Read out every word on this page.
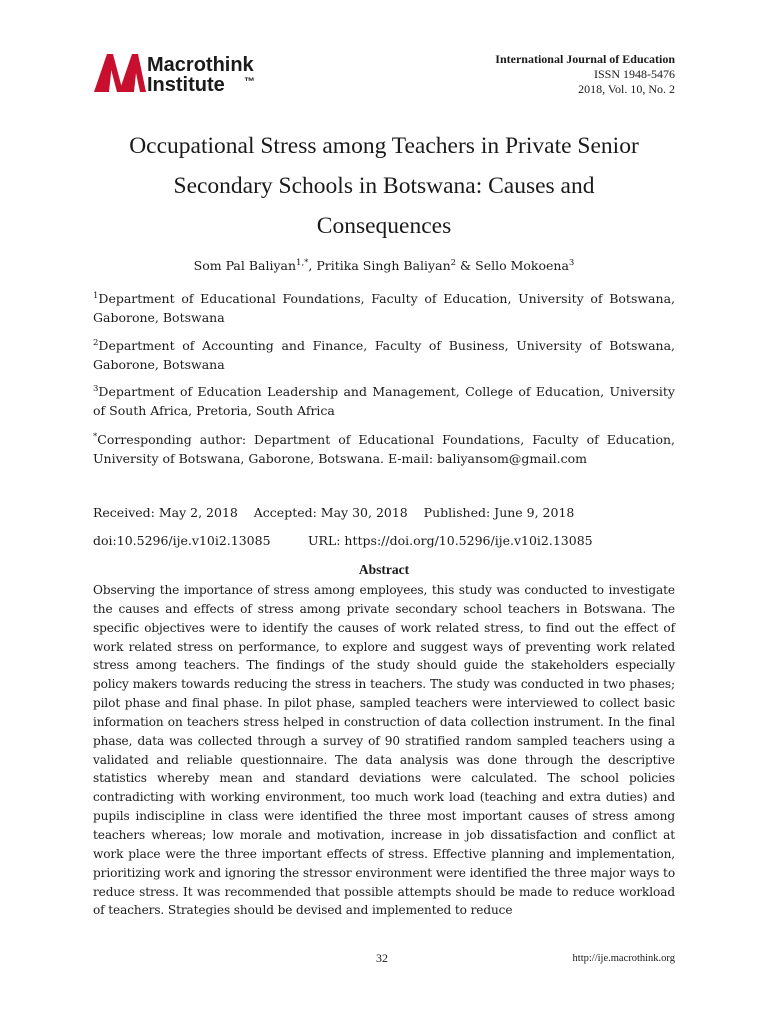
Macrothink
Institute ™
International Journal of Education
ISSN 1948-5476
2018, Vol. 10, No. 2
Occupational Stress among Teachers in Private Senior
Secondary Schools in Botswana: Causes and
Consequences
Som Pal Baliyan$^{1,*}$, Pritika Singh Baliyan$^2$ & Sello Mokoena$^3$
$^1$Department of Educational Foundations, Faculty of Education, University of Botswana, Gaborone, Botswana
$^2$Department of Accounting and Finance, Faculty of Business, University of Botswana, Gaborone, Botswana
$^3$Department of Education Leadership and Management, College of Education, University of South Africa, Pretoria, South Africa
*Corresponding author: Department of Educational Foundations, Faculty of Education, University of Botswana, Gaborone, Botswana. E-mail: baliyansom@gmail.com
Received: May 2, 2018 Accepted: May 30, 2018 Published: June 9, 2018
doi:10.5296/ije.v10i2.13085	URL: https://doi.org/10.5296/ije.v10i2.13085
Abstract
Observing the importance of stress among employees, this study was conducted to investigate the causes and effects of stress among private secondary school teachers in Botswana. The specific objectives were to identify the causes of work related stress, to find out the effect of work related stress on performance, to explore and suggest ways of preventing work related stress among teachers. The findings of the study should guide the stakeholders especially policy makers towards reducing the stress in teachers. The study was conducted in two phases; pilot phase and final phase. In pilot phase, sampled teachers were interviewed to collect basic information on teachers stress helped in construction of data collection instrument. In the final phase, data was collected through a survey of 90 stratified random sampled teachers using a validated and reliable questionnaire. The data analysis was done through the descriptive statistics whereby mean and standard deviations were calculated. The school policies contradicting with working environment, too much work load (teaching and extra duties) and pupils indiscipline in class were identified the three most important causes of stress among teachers whereas; low morale and motivation, increase in job dissatisfaction and conflict at work place were the three important effects of stress. Effective planning and implementation, prioritizing work and ignoring the stressor environment were identified the three major ways to reduce stress. It was recommended that possible attempts should be made to reduce workload of teachers. Strategies should be devised and implemented to reduce
32	http://ije.macrothink.org
